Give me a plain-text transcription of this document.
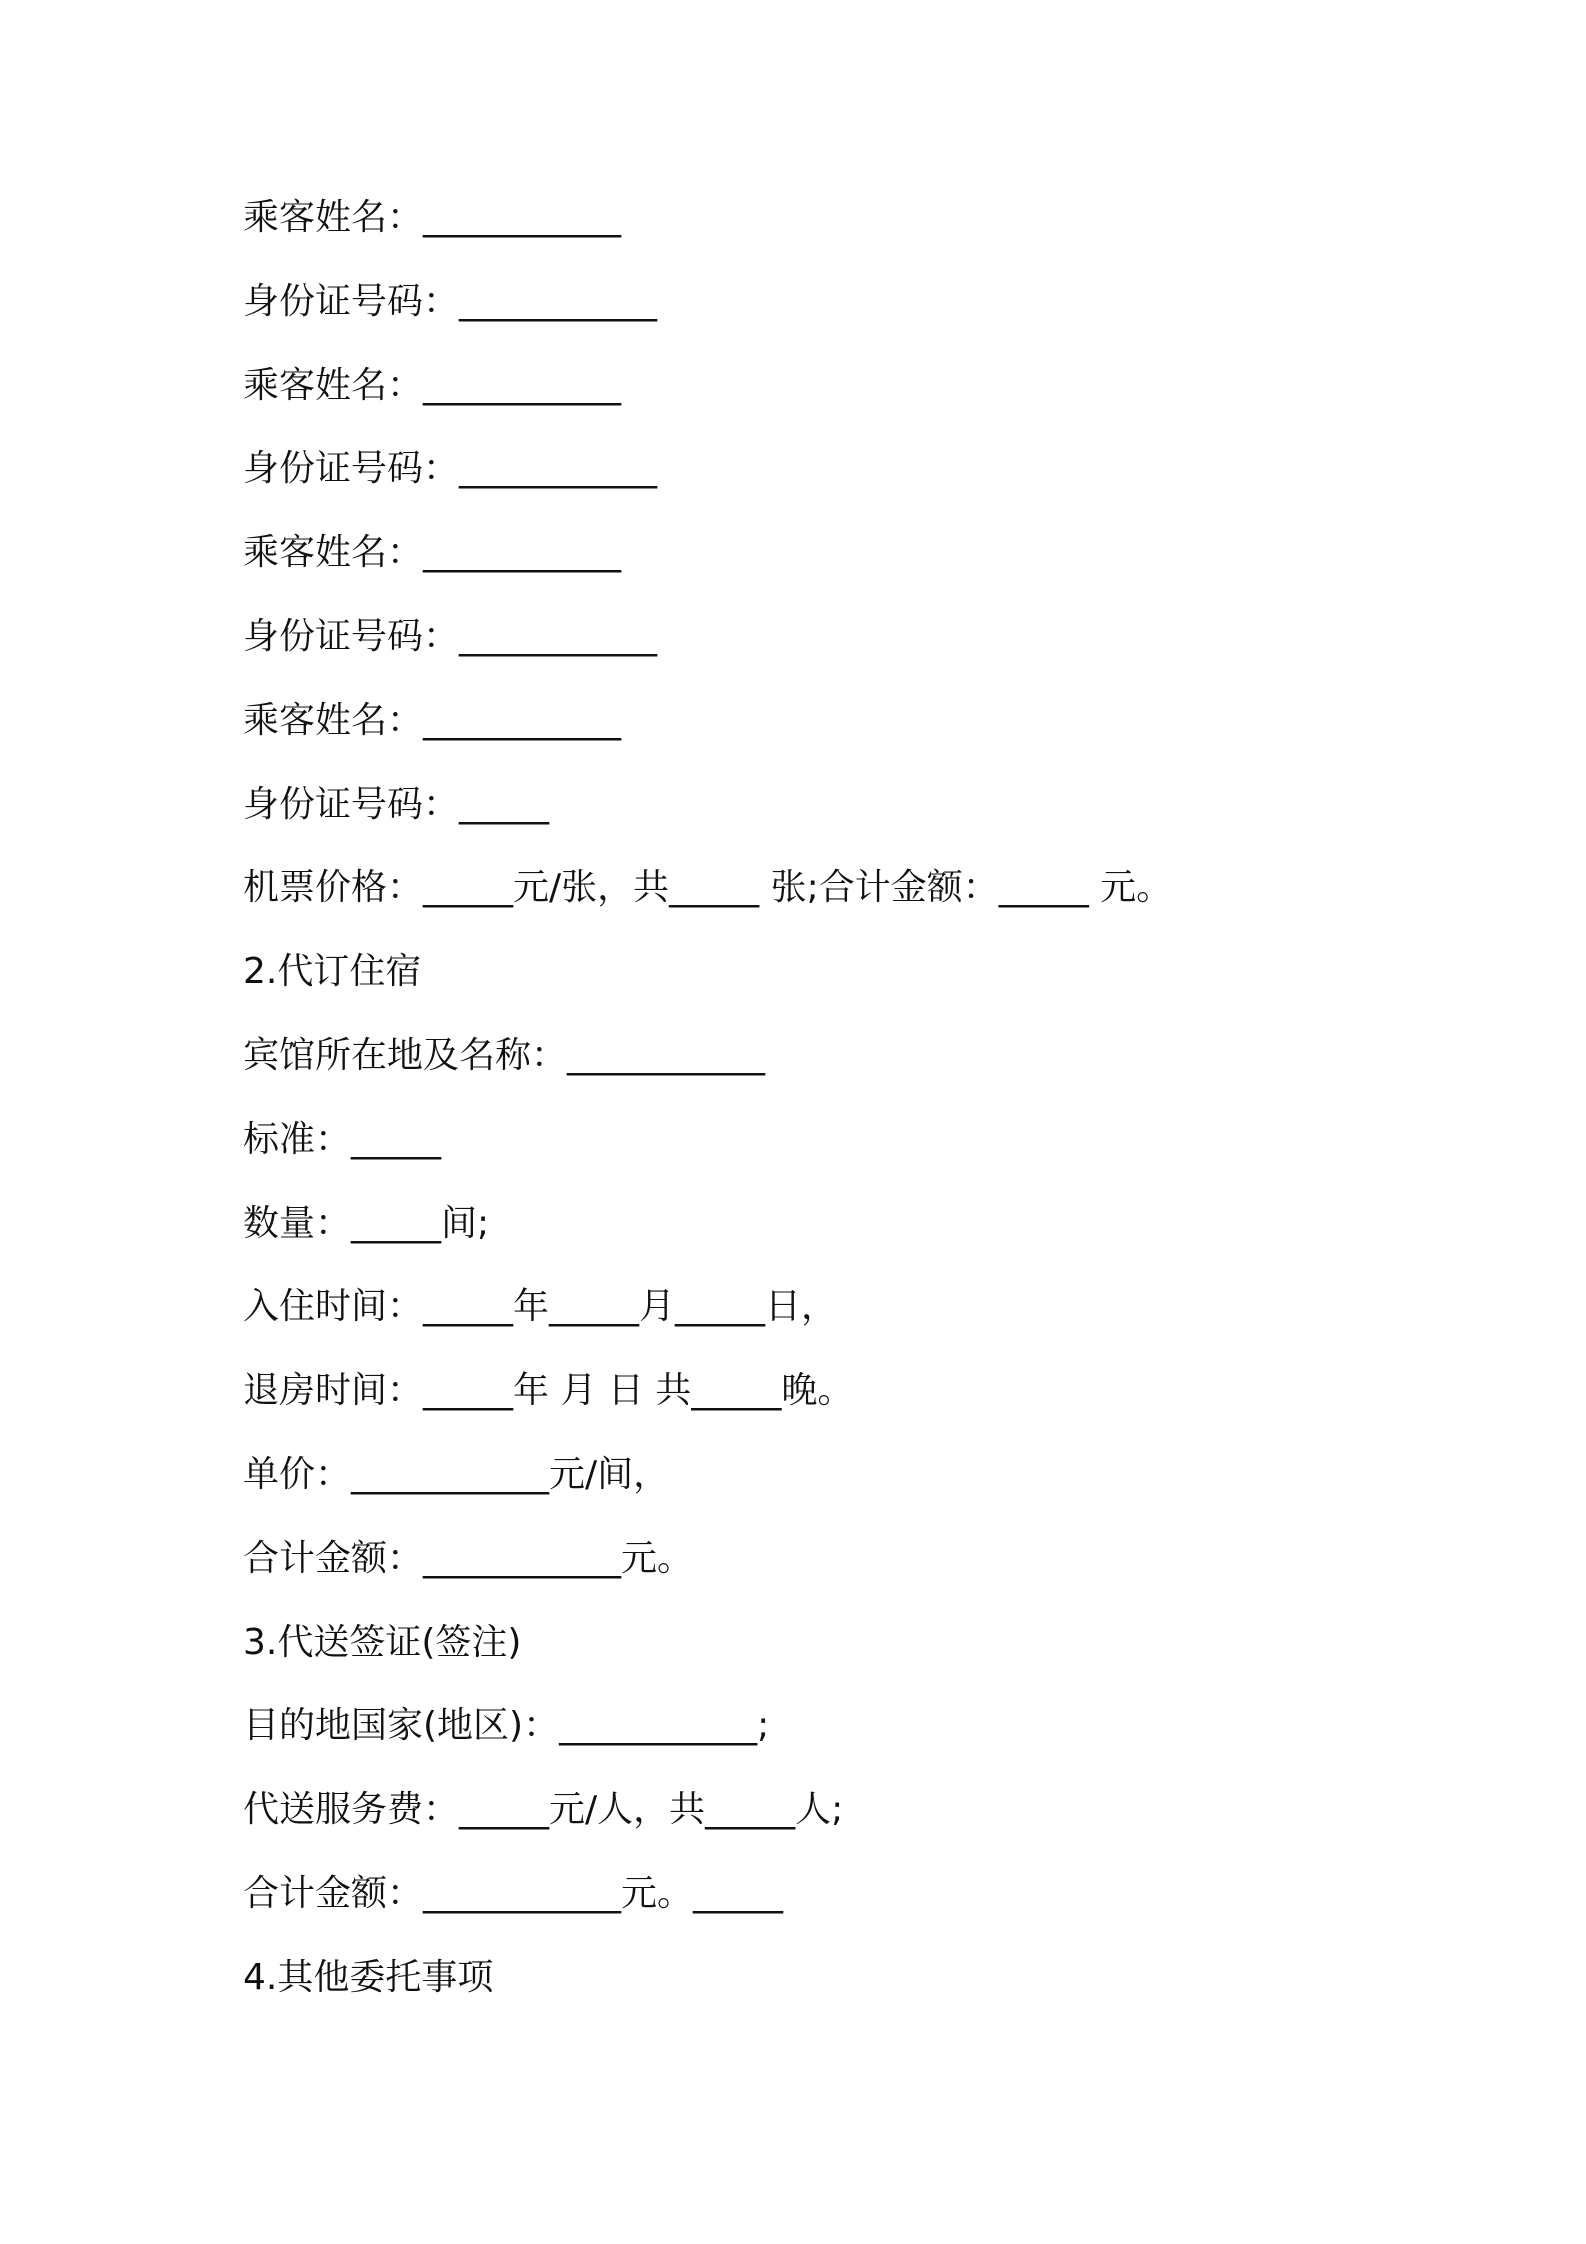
乘客姓名：___________
身份证号码：___________
乘客姓名：___________
身份证号码：___________
乘客姓名：___________
身份证号码：___________
乘客姓名：___________
身份证号码：_____
机票价格：_____元/张，共_____ 张;合计金额：_____ 元。
2.代订住宿
宾馆所在地及名称：___________
标准：_____
数量：_____间;
入住时间：_____年_____月_____日，
退房时间：_____年 月 日 共_____晚。
单价：___________元/间，
合计金额：___________元。
3.代送签证(签注)
目的地国家(地区)：___________;
代送服务费：_____元/人，共_____人;
合计金额：___________元。_____
4.其他委托事项
